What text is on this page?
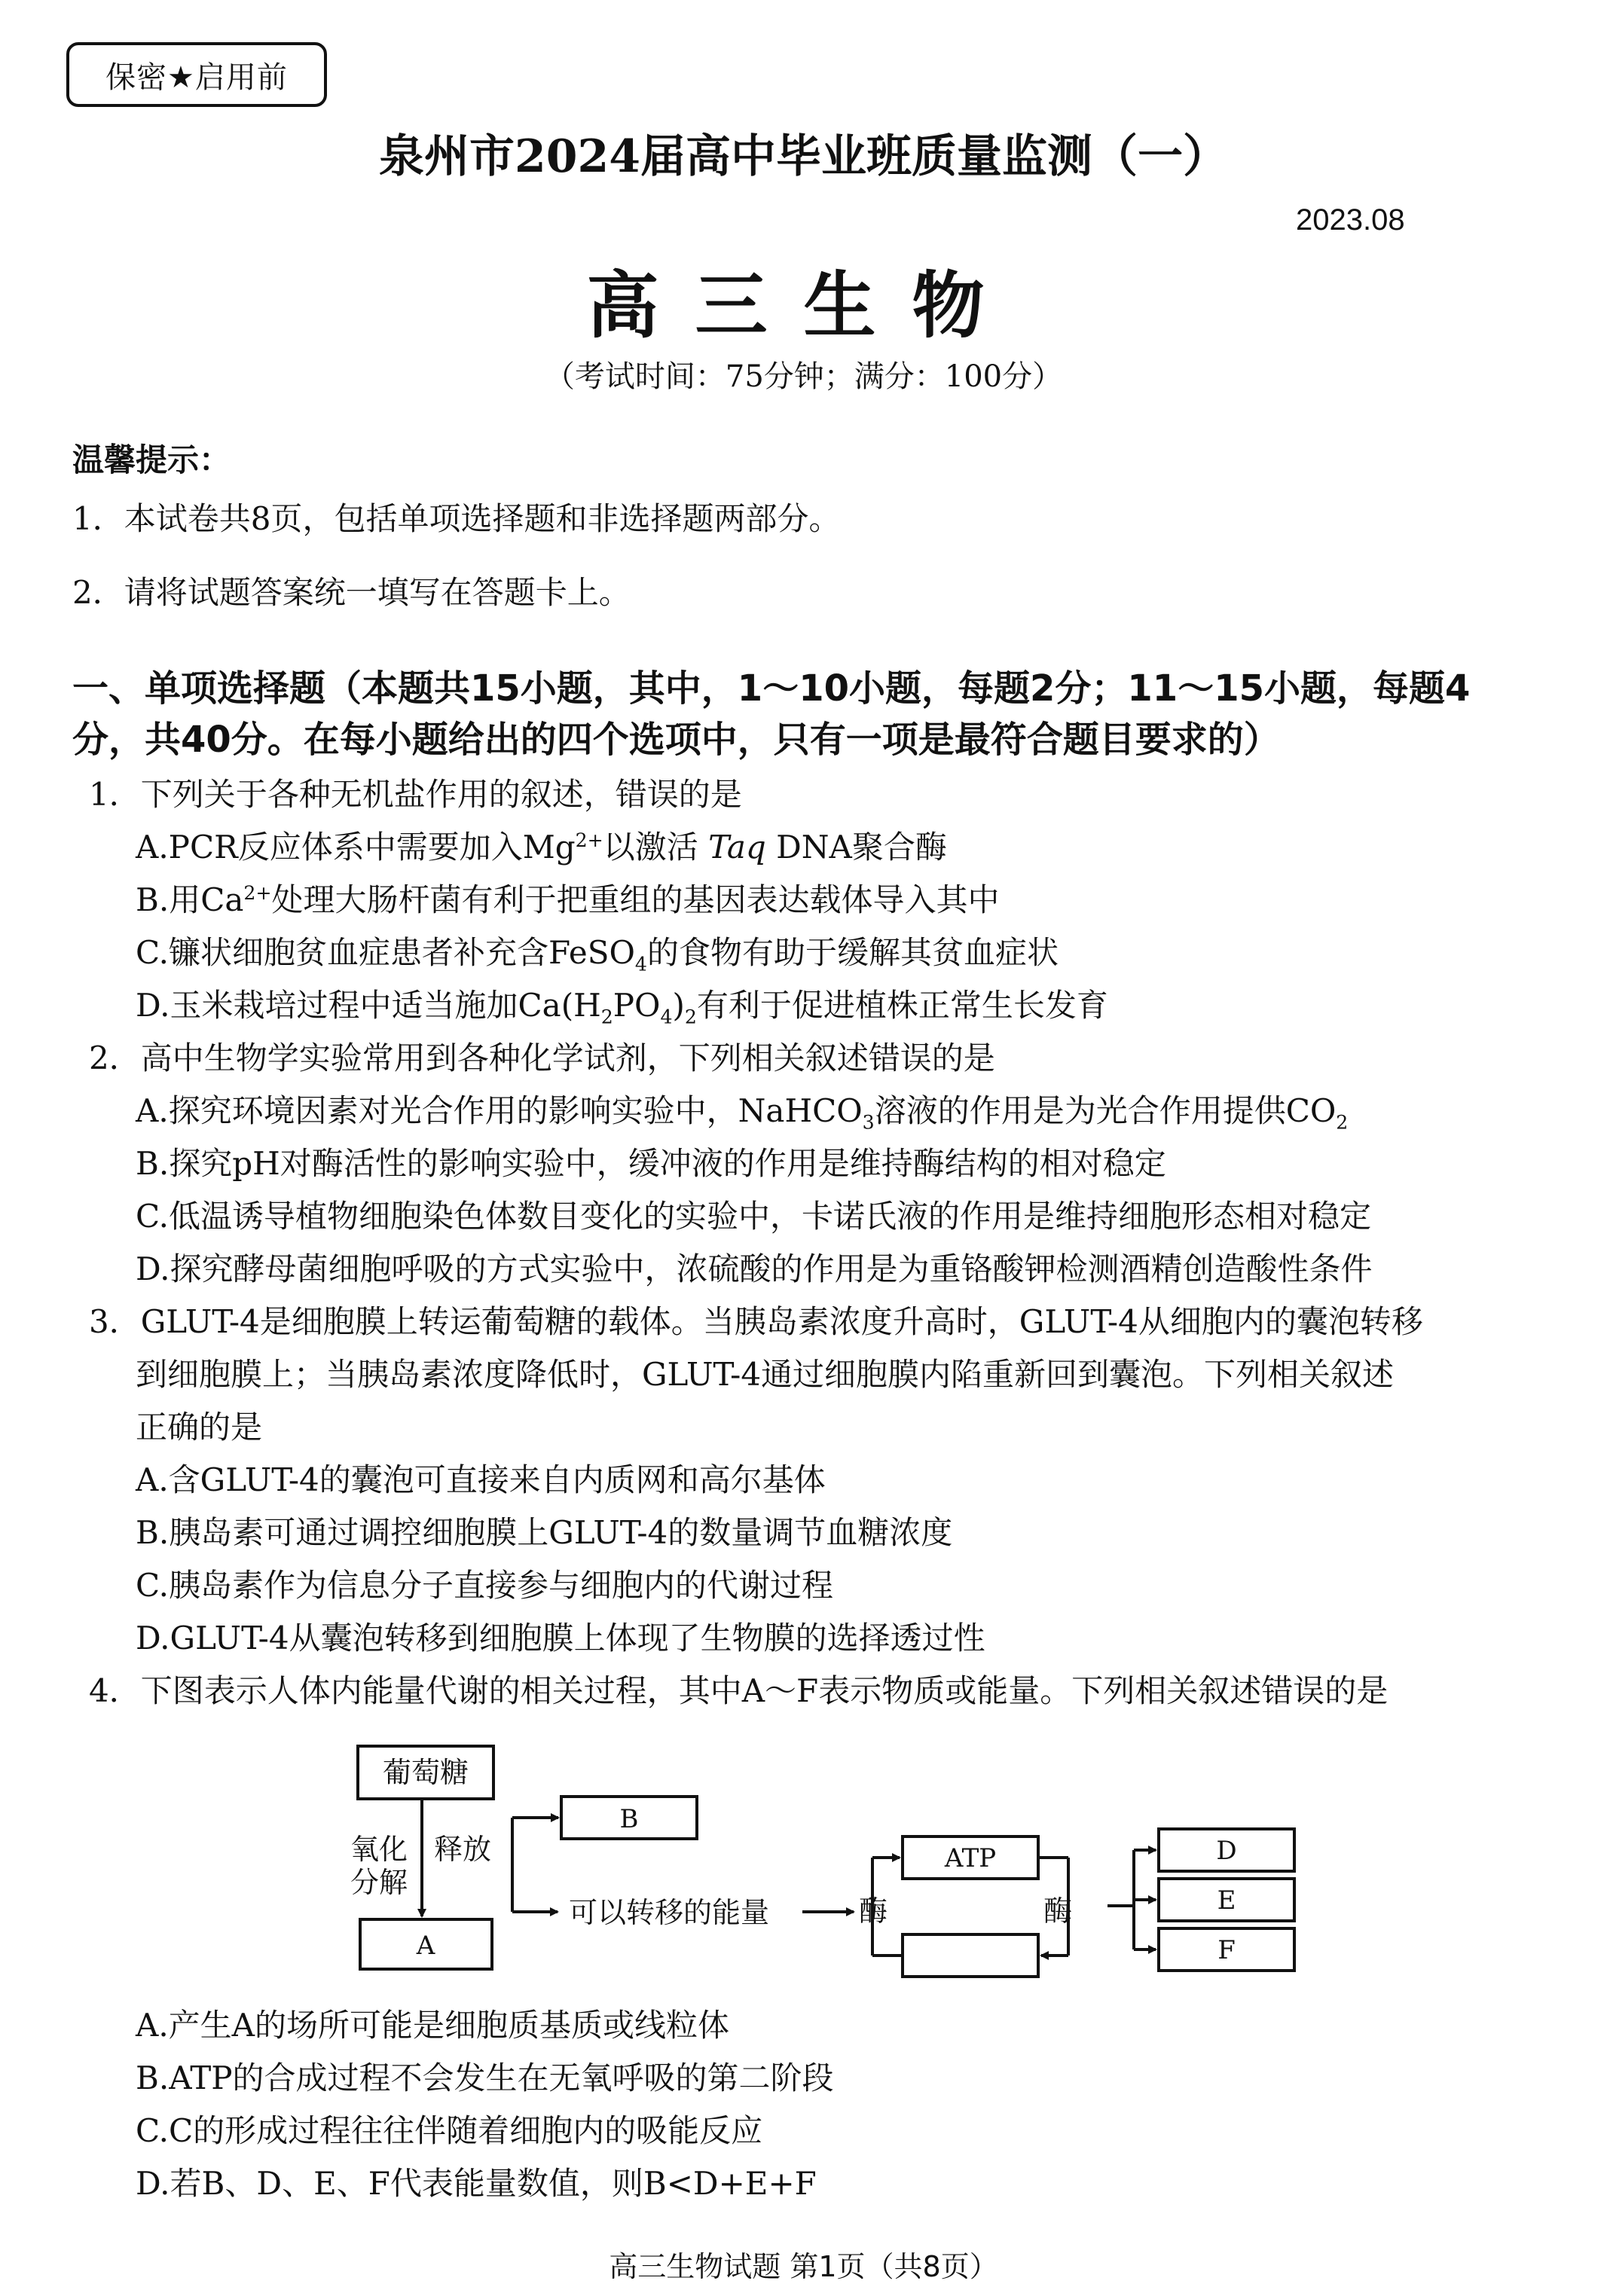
保密★启用前
泉州市2024届高中毕业班质量监测（一）
2023.08
高三生物
（考试时间：75分钟；满分：100分）
温馨提示：
1．本试卷共8页，包括单项选择题和非选择题两部分。
2．请将试题答案统一填写在答题卡上。
一、单项选择题（本题共15小题，其中，1～10小题，每题2分；11～15小题，每题4分，共40分。在每小题给出的四个选项中，只有一项是最符合题目要求的）
1．下列关于各种无机盐作用的叙述，错误的是
A.PCR反应体系中需要加入$Mg^{2+}$以激活 Taq DNA聚合酶
B.用$Ca^{2+}$处理大肠杆菌有利于把重组的基因表达载体导入其中
C.镰状细胞贫血症患者补充含FeSO$_4$的食物有助于缓解其贫血症状
D.玉米栽培过程中适当施加$Ca(H_2PO_4)_2$有利于促进植株正常生长发育
2．高中生物学实验常用到各种化学试剂，下列相关叙述错误的是
A.探究环境因素对光合作用的影响实验中，NaHCO$_3$溶液的作用是为光合作用提供$CO_2$
B.探究pH对酶活性的影响实验中，缓冲液的作用是维持酶结构的相对稳定
C.低温诱导植物细胞染色体数目变化的实验中，卡诺氏液的作用是维持细胞形态相对稳定
D.探究酵母菌细胞呼吸的方式实验中，浓硫酸的作用是为重铬酸钾检测酒精创造酸性条件
3．GLUT-4是细胞膜上转运葡萄糖的载体。当胰岛素浓度升高时，GLUT-4从细胞内的囊泡转移
到细胞膜上；当胰岛素浓度降低时，GLUT-4通过细胞膜内陷重新回到囊泡。下列相关叙述
正确的是
A.含GLUT-4的囊泡可直接来自内质网和高尔基体
B.胰岛素可通过调控细胞膜上GLUT-4的数量调节血糖浓度
C.胰岛素作为信息分子直接参与细胞内的代谢过程
D.GLUT-4从囊泡转移到细胞膜上体现了生物膜的选择透过性
4．下图表示人体内能量代谢的相关过程，其中A～F表示物质或能量。下列相关叙述错误的是
葡萄糖
B
A
氧化
分解
释放
可以转移的能量	酶	酶
ATP	D
E
F
A.产生A的场所可能是细胞质基质或线粒体
B.ATP的合成过程不会发生在无氧呼吸的第二阶段
C.C的形成过程往往伴随着细胞内的吸能反应
D.若B、D、E、F代表能量数值，则B<D+E+F
高三生物试题 第1页（共8页）
